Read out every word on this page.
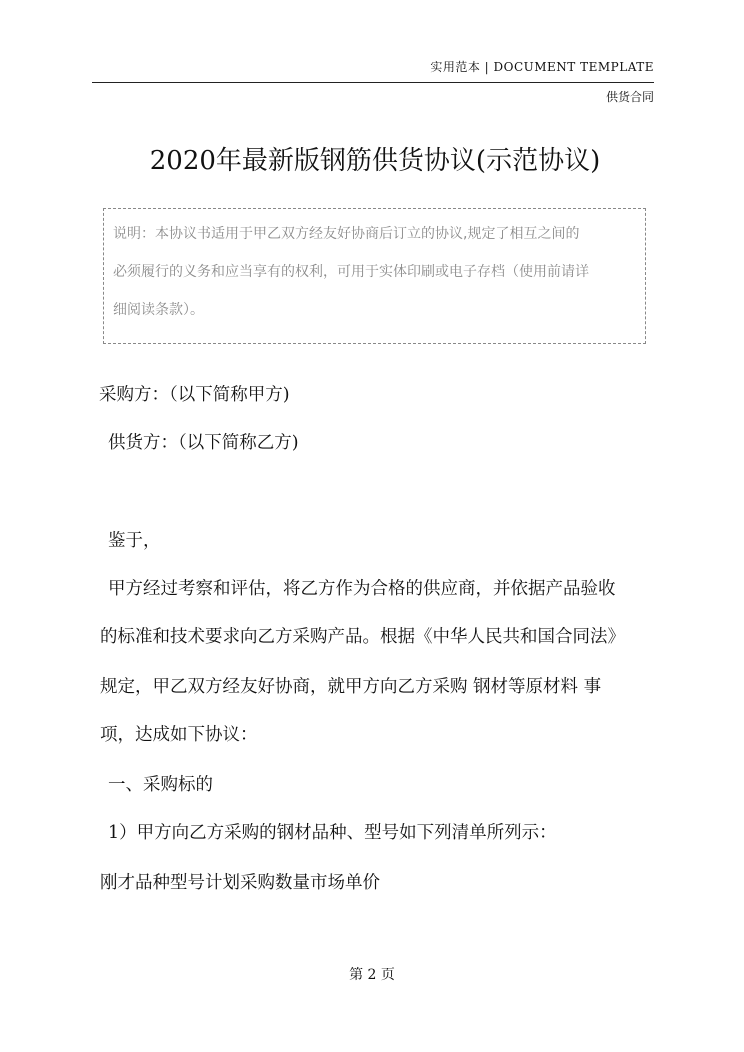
实用范本 | DOCUMENT TEMPLATE
供货合同
2020年最新版钢筋供货协议(示范协议)

说明：本协议书适用于甲乙双方经友好协商后订立的协议,规定了相互之间的

必须履行的义务和应当享有的权利，可用于实体印刷或电子存档（使用前请详

细阅读条款）。

采购方：（以下简称甲方)
供货方：（以下简称乙方)
鉴于，
甲方经过考察和评估，将乙方作为合格的供应商，并依据产品验收
的标准和技术要求向乙方采购产品。根据《中华人民共和国合同法》
规定，甲乙双方经友好协商，就甲方向乙方采购 钢材等原材料 事
项，达成如下协议：
一、采购标的
1）甲方向乙方采购的钢材品种、型号如下列清单所列示：
刚才品种型号计划采购数量市场单价
第 2 页
